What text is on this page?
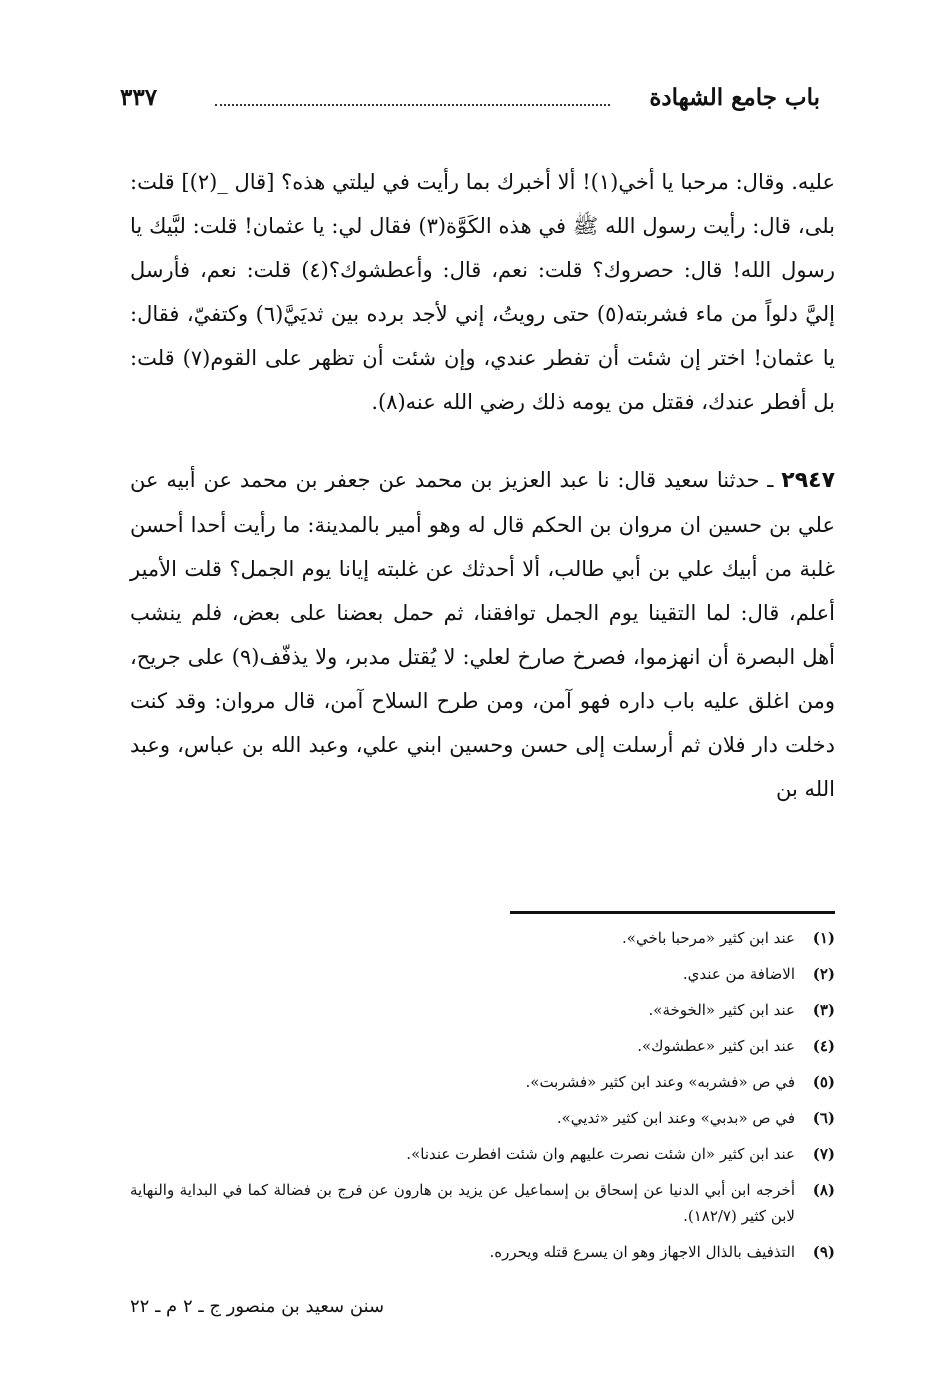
باب جامع الشهادة
٣٣٧

عليه. وقال: مرحبا يا أخي(١)! ألا أخبرك بما رأيت في ليلتي هذه؟ [قال _(٢)] قلت: بلى، قال: رأيت رسول الله ﷺ في هذه الكَوَّة(٣) فقال لي: يا عثمان! قلت: لبَّيك يا رسول الله! قال: حصروك؟ قلت: نعم، قال: وأعطشوك؟(٤) قلت: نعم، فأرسل إليَّ دلواً من ماء فشربته(٥) حتى رويتُ، إني لأجد برده بين ثديَيَّ(٦) وكتفيّ، فقال: يا عثمان! اختر إن شئت أن تفطر عندي، وإن شئت أن تظهر على القوم(٧) قلت: بل أفطر عندك، فقتل من يومه ذلك رضي الله عنه(٨).

٢٩٤٧ ـ حدثنا سعيد قال: نا عبد العزيز بن محمد عن جعفر بن محمد عن أبيه عن علي بن حسين ان مروان بن الحكم قال له وهو أمير بالمدينة: ما رأيت أحدا أحسن غلبة من أبيك علي بن أبي طالب، ألا أحدثك عن غلبته إيانا يوم الجمل؟ قلت الأمير أعلم، قال: لما التقينا يوم الجمل توافقنا، ثم حمل بعضنا على بعض، فلم ينشب أهل البصرة أن انهزموا، فصرخ صارخ لعلي: لا يُقتل مدبر، ولا يذفّف(٩) على جريح، ومن اغلق عليه باب داره فهو آمن، ومن طرح السلاح آمن، قال مروان: وقد كنت دخلت دار فلان ثم أرسلت إلى حسن وحسين ابني علي، وعبد الله بن عباس، وعبد الله بن

(١)
عند ابن كثير «مرحبا باخي».
(٢)
الاضافة من عندي.
(٣)
عند ابن كثير «الخوخة».
(٤)
عند ابن كثير «عطشوك».
(٥)
في ص «فشربه» وعند ابن كثير «فشربت».
(٦)
في ص «بدبي» وعند ابن كثير «ثديي».
(٧)
عند ابن كثير «ان شئت نصرت عليهم وان شئت افطرت عندنا».
(٨)
أخرجه ابن أبي الدنيا عن إسحاق بن إسماعيل عن يزيد بن هارون عن فرج بن فضالة كما في البداية والنهاية لابن كثير (١٨٢/٧).
(٩)
التذفيف بالذال الاجهاز وهو ان يسرع قتله ويحرره.
سنن سعيد بن منصور ج ـ ٢ م ـ ٢٢
